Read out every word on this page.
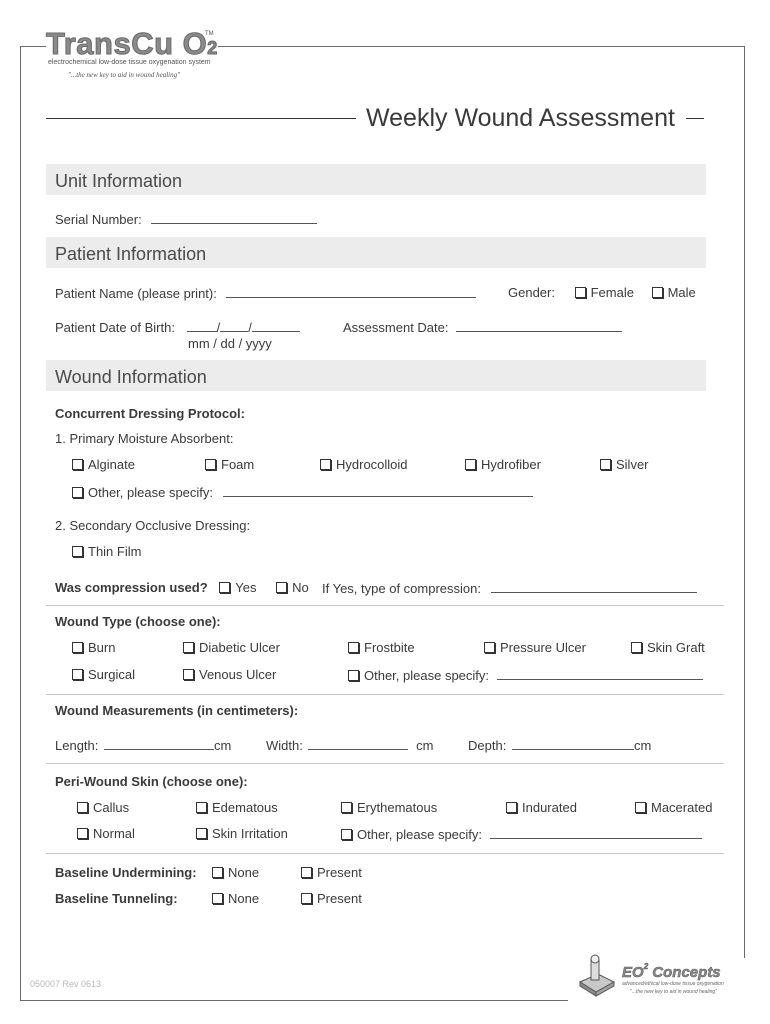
TransCu O2
TM
electrochemical low-dose tissue oxygenation system
"...the new key to aid in wound healing"
Weekly Wound Assessment
Unit Information
Serial Number:
Patient Information
Patient Name (please print):	Gender:	Female	Male
Patient Date of Birth:	/ /
mm / dd / yyyy
Assessment Date:
Wound Information
Concurrent Dressing Protocol:
1. Primary Moisture Absorbent:
Alginate	Foam	Hydrocolloid	Hydrofiber	Silver
Other, please specify:
2. Secondary Occlusive Dressing:
Thin Film
Was compression used? Yes	No If Yes, type of compression:
Wound Type (choose one):
Burn	Diabetic Ulcer	Frostbite	Pressure Ulcer	Skin Graft
Surgical	Venous Ulcer	Other, please specify:
Wound Measurements (in centimeters):
Length:	cm	Width:	cm	Depth:	cm
Peri-Wound Skin (choose one):
Callus	Edematous	Erythematous	Indurated	Macerated
Normal	Skin Irritation	Other, please specify:
Baseline Undermining:	None	Present
Baseline Tunneling:	None	Present
050007 Rev 0613
$EO^2$ Concepts
advanced/ethical low-dose tissue oxygenation
"...the new key to aid in wound healing"
